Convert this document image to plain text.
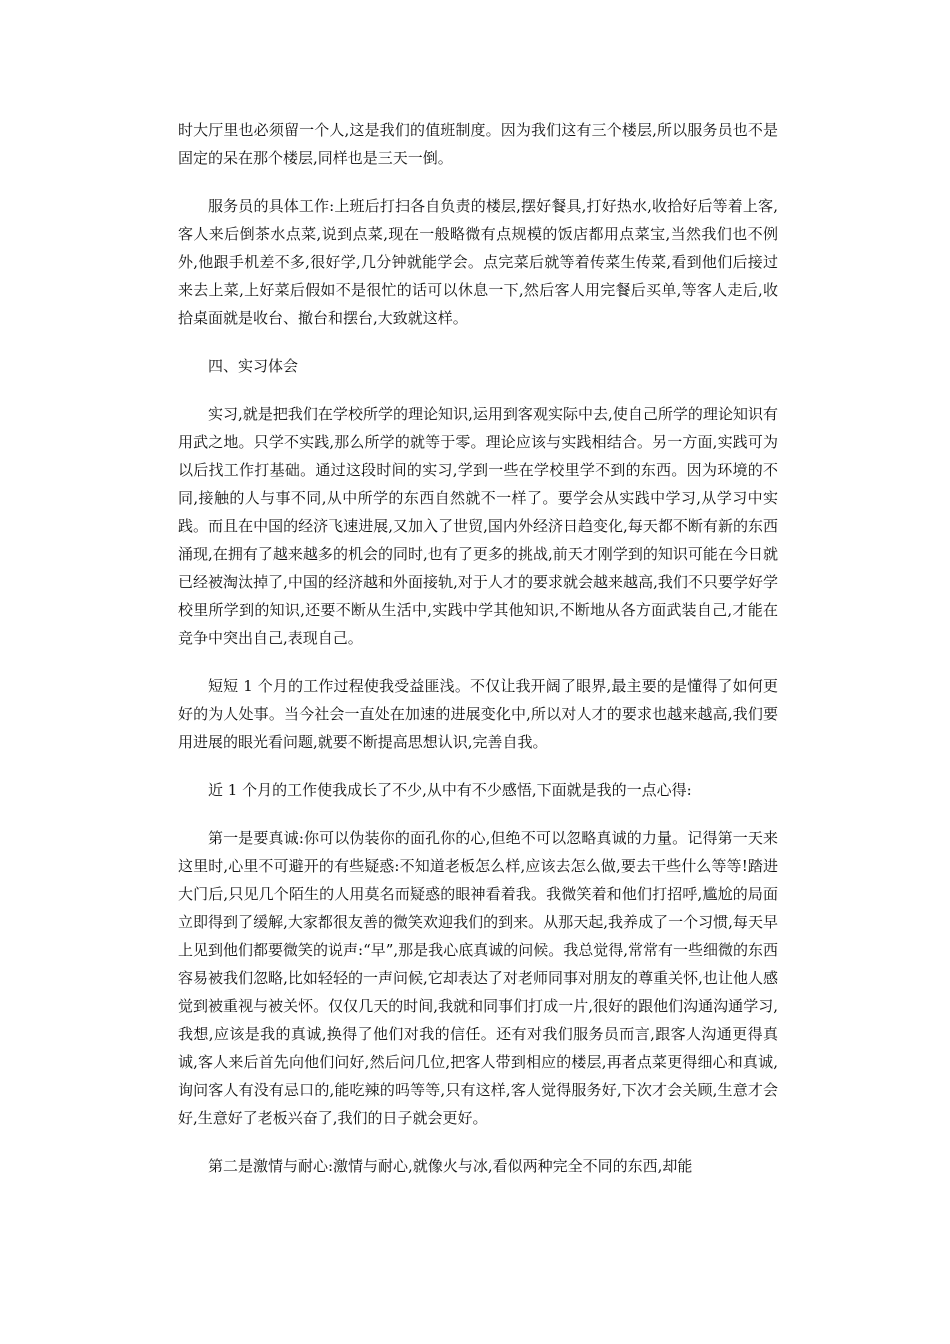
时大厅里也必须留一个人,这是我们的值班制度。因为我们这有三个楼层,所以服务员也不是固定的呆在那个楼层,同样也是三天一倒。

服务员的具体工作:上班后打扫各自负责的楼层,摆好餐具,打好热水,收拾好后等着上客,客人来后倒茶水点菜,说到点菜,现在一般略微有点规模的饭店都用点菜宝,当然我们也不例外,他跟手机差不多,很好学,几分钟就能学会。点完菜后就等着传菜生传菜,看到他们后接过来去上菜,上好菜后假如不是很忙的话可以休息一下,然后客人用完餐后买单,等客人走后,收拾桌面就是收台、撤台和摆台,大致就这样。

四、实习体会

实习,就是把我们在学校所学的理论知识,运用到客观实际中去,使自己所学的理论知识有用武之地。只学不实践,那么所学的就等于零。理论应该与实践相结合。另一方面,实践可为以后找工作打基础。通过这段时间的实习,学到一些在学校里学不到的东西。因为环境的不同,接触的人与事不同,从中所学的东西自然就不一样了。要学会从实践中学习,从学习中实践。而且在中国的经济飞速进展,又加入了世贸,国内外经济日趋变化,每天都不断有新的东西涌现,在拥有了越来越多的机会的同时,也有了更多的挑战,前天才刚学到的知识可能在今日就已经被淘汰掉了,中国的经济越和外面接轨,对于人才的要求就会越来越高,我们不只要学好学校里所学到的知识,还要不断从生活中,实践中学其他知识,不断地从各方面武装自己,才能在竞争中突出自己,表现自己。

短短 1 个月的工作过程使我受益匪浅。不仅让我开阔了眼界,最主要的是懂得了如何更好的为人处事。当今社会一直处在加速的进展变化中,所以对人才的要求也越来越高,我们要用进展的眼光看问题,就要不断提高思想认识,完善自我。

近 1 个月的工作使我成长了不少,从中有不少感悟,下面就是我的一点心得:

第一是要真诚:你可以伪装你的面孔你的心,但绝不可以忽略真诚的力量。记得第一天来这里时,心里不可避开的有些疑惑:不知道老板怎么样,应该去怎么做,要去干些什么等等!踏进大门后,只见几个陌生的人用莫名而疑惑的眼神看着我。我微笑着和他们打招呼,尴尬的局面立即得到了缓解,大家都很友善的微笑欢迎我们的到来。从那天起,我养成了一个习惯,每天早上见到他们都要微笑的说声:“早”,那是我心底真诚的问候。我总觉得,常常有一些细微的东西容易被我们忽略,比如轻轻的一声问候,它却表达了对老师同事对朋友的尊重关怀,也让他人感觉到被重视与被关怀。仅仅几天的时间,我就和同事们打成一片,很好的跟他们沟通沟通学习,我想,应该是我的真诚,换得了他们对我的信任。还有对我们服务员而言,跟客人沟通更得真诚,客人来后首先向他们问好,然后问几位,把客人带到相应的楼层,再者点菜更得细心和真诚,询问客人有没有忌口的,能吃辣的吗等等,只有这样,客人觉得服务好,下次才会关顾,生意才会好,生意好了老板兴奋了,我们的日子就会更好。

第二是激情与耐心:激情与耐心,就像火与冰,看似两种完全不同的东西,却能
